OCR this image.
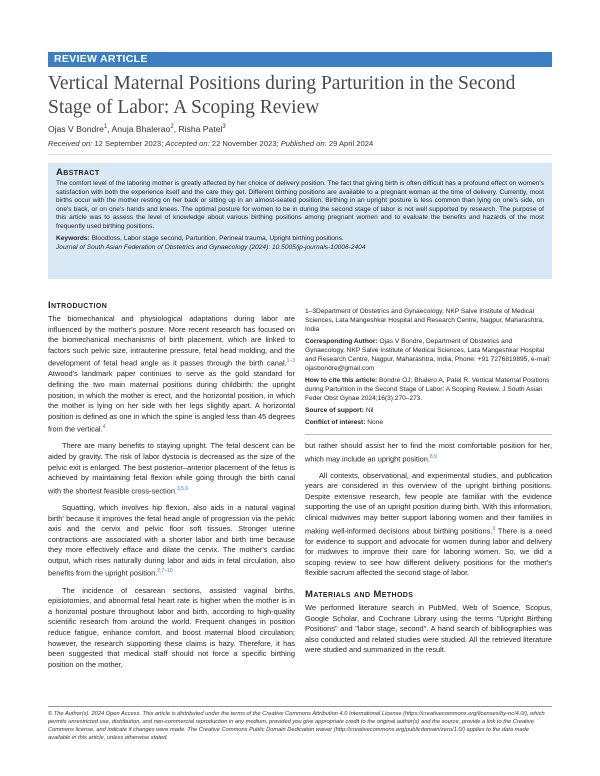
REVIEW ARTICLE
Vertical Maternal Positions during Parturition in the Second Stage of Labor: A Scoping Review
Ojas V Bondre$^1$, Anuja Bhalerao$^2$, Risha Patel$^3$
Received on: 12 September 2023; Accepted on: 22 November 2023; Published on: 29 April 2024

Abstract

The comfort level of the laboring mother is greatly affected by her choice of delivery position. The fact that giving birth is often difficult has a profound effect on women's satisfaction with both the experience itself and the care they get. Different birthing positions are available to a pregnant woman at the time of delivery. Currently, most births occur with the mother resting on her back or sitting up in an almost-seated position. Birthing in an upright posture is less common than lying on one's side, on one's back, or on one's hands and knees. The optimal posture for women to be in during the second stage of labor is not well supported by research. The purpose of this article was to assess the level of knowledge about various birthing positions among pregnant women and to evaluate the benefits and hazards of the most frequently used birthing positions.

Keywords: Bloodloss, Labor stage second, Parturition, Perineal trauma, Upright birthing positions.

Journal of South Asian Federation of Obstetrics and Gynaecology (2024): 10.5005/jp-journals-10006-2404

Introduction

The biomechanical and physiological adaptations during labor are influenced by the mother's posture. More recent research has focused on the biomechanical mechanisms of birth placement, which are linked to factors such pelvic size, intrauterine pressure, fetal head molding, and the development of fetal head angle as it passes through the birth canal.$^{1-3}$ Atwood's landmark paper continues to serve as the gold standard for defining the two main maternal positions during childbirth: the upright position, in which the mother is erect, and the horizontal position, in which the mother is lying on her side with her legs slightly apart. A horizontal position is defined as one in which the spine is angled less than 45 degrees from the vertical.$^4$

There are many benefits to staying upright. The fetal descent can be aided by gravity. The risk of labor dystocia is decreased as the size of the pelvic exit is enlarged. The best posterior–anterior placement of the fetus is achieved by maintaining fetal flexion while going through the birth canal with the shortest feasible cross-section.$^{3,5,6}$

Squatting, which involves hip flexion, also aids in a natural vaginal birth' because it improves the fetal head angle of progression via the pelvic axis and the cervix and pelvic floor soft tissues. Stronger uterine contractions are associated with a shorter labor and birth time because they more effectively efface and dilate the cervix. The mother's cardiac output, which rises naturally during labor and aids in fetal circulation, also benefits from the upright position.$^{2,7-10}$

The incidence of cesarean sections, assisted vaginal births, episiotomies, and abnormal fetal heart rate is higher when the mother is in a horizontal posture throughout labor and birth, according to high-quality scientific research from around the world. Frequent changes in position reduce fatigue, enhance comfort, and boost maternal blood circulation; however, the research supporting these claims is hazy. Therefore, it has been suggested that medical staff should not force a specific birthing position on the mother,

1–3Department of Obstetrics and Gynaecology, NKP Salve Institute of Medical Sciences, Lata Mangeshkar Hospital and Research Centre, Nagpur, Maharashtra, India

Corresponding Author: Ojas V Bondre, Department of Obstetrics and Gynaecology, NKP Salve Institute of Medical Sciences, Lata Mangeshkar Hospital and Research Centre, Nagpur, Maharashtra, India, Phone: +91 7276819895, e-mail: ojasbondre@gmail.com

How to cite this article: Bondre OJ, Bhalero A, Patel R. Vertical Maternal Positions during Parturition in the Second Stage of Labor: A Scoping Review. J South Asian Feder Obst Gynae 2024;16(3):270–273.

Source of support: Nil

Conflict of interest: None

but rather should assist her to find the most comfortable position for her, which may include an upright position.$^{8,9}$

All contexts, observational, and experimental studies, and publication years are considered in this overview of the upright birthing positions. Despite extensive research, few people are familiar with the evidence supporting the use of an upright position during birth. With this information, clinical midwives may better support laboring women and their families in making well-informed decisions about birthing positions.$^3$ There is a need for evidence to support and advocate for women during labor and delivery for midwives to improve their care for laboring women. So, we did a scoping review to see how different delivery positions for the mother's flexible sacrum affected the second stage of labor.

Materials and Methods

We performed literature search in PubMed, Web of Science, Scopus, Google Scholar, and Cochrane Library using the terms "Upright Birthing Positions" and "labor stage, second". A hand search of bibliographies was also conducted and related studies were studied. All the retrieved literature were studied and summarized in the result.

© The Author(s). 2024 Open Access. This article is distributed under the terms of the Creative Commons Attribution 4.0 International License (https://creativecommons.org/licenses/by-nc/4.0/), which permits unrestricted use, distribution, and non-commercial reproduction in any medium, provided you give appropriate credit to the original author(s) and the source, provide a link to the Creative Commons license, and indicate if changes were made. The Creative Commons Public Domain Dedication waiver (http://creativecommons.org/publicdomain/zero/1.0/) applies to the data made available in this article, unless otherwise stated.
